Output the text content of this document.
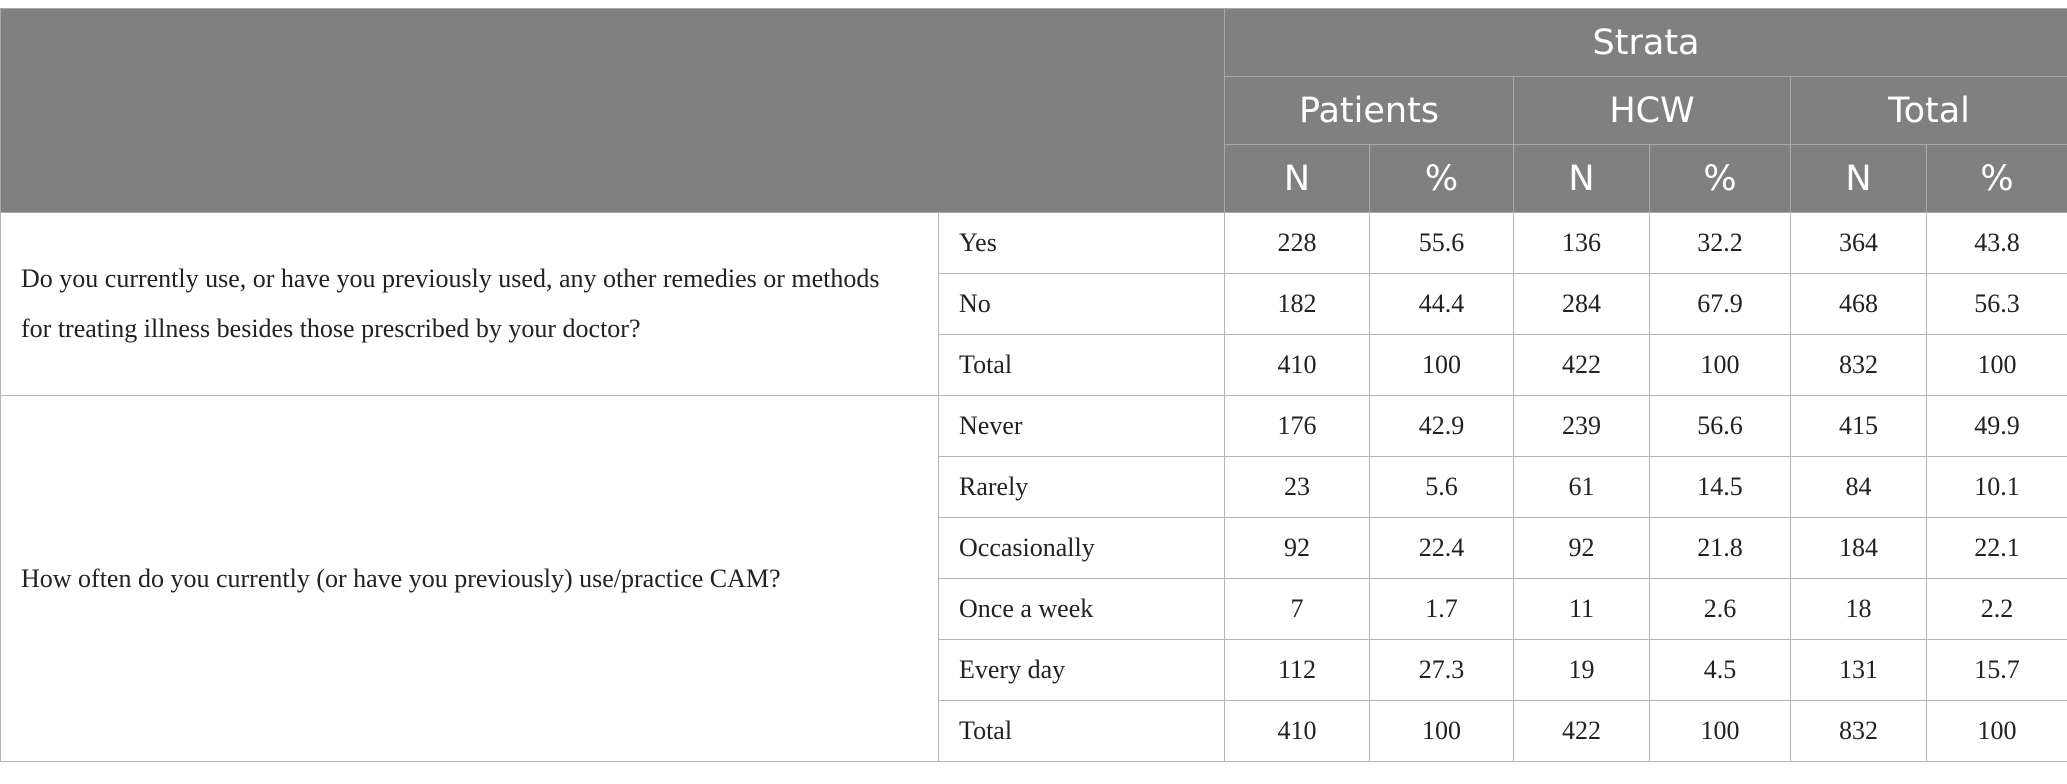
		Strata					
		Patients		HCW		Total	
		N	%	N	%	N	%
Do you currently use, or have you previously used, any other remedies or methods for treating illness besides those prescribed by your doctor?	Yes	228	55.6	136	32.2	364	43.8
	No	182	44.4	284	67.9	468	56.3
	Total	410	100	422	100	832	100
How often do you currently (or have you previously) use/practice CAM?	Never	176	42.9	239	56.6	415	49.9
	Rarely	23	5.6	61	14.5	84	10.1
	Occasionally	92	22.4	92	21.8	184	22.1
	Once a week	7	1.7	11	2.6	18	2.2
	Every day	112	27.3	19	4.5	131	15.7
	Total	410	100	422	100	832	100
